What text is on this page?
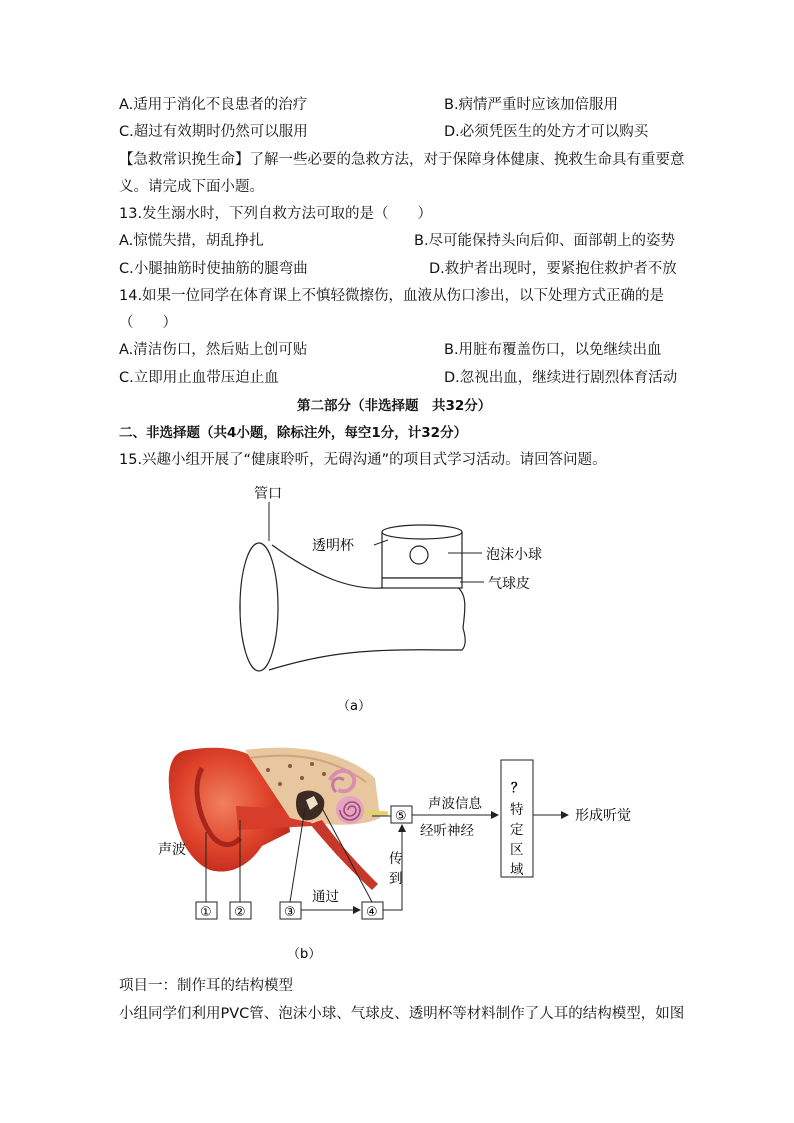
A.适用于消化不良患者的治疗	B.病情严重时应该加倍服用
C.超过有效期时仍然可以服用	D.必须凭医生的处方才可以购买
【急救常识挽生命】了解一些必要的急救方法，对于保障身体健康、挽救生命具有重要意
义。请完成下面小题。
13.发生溺水时，下列自救方法可取的是（　　）
A.惊慌失措，胡乱挣扎	B.尽可能保持头向后仰、面部朝上的姿势
C.小腿抽筋时使抽筋的腿弯曲	D.救护者出现时，要紧抱住救护者不放
14.如果一位同学在体育课上不慎轻微擦伤，血液从伤口渗出，以下处理方式正确的是
（　　）
A.清洁伤口，然后贴上创可贴	B.用脏布覆盖伤口，以免继续出血
C.立即用止血带压迫止血	D.忽视出血，继续进行剧烈体育活动
第二部分（非选择题　共32分）
二、非选择题（共4小题，除标注外，每空1分，计32分）
15.兴趣小组开展了“健康聆听，无碍沟通”的项目式学习活动。请回答问题。
管口
透明杯
泡沫小球
气球皮
（a）
① ②	③	④
⑤
通过
传
到
声波信息
经听神经
？
特
定
区
域
形成听觉
声波
（b）
项目一：制作耳的结构模型
小组同学们利用PVC管、泡沫小球、气球皮、透明杯等材料制作了人耳的结构模型，如图
